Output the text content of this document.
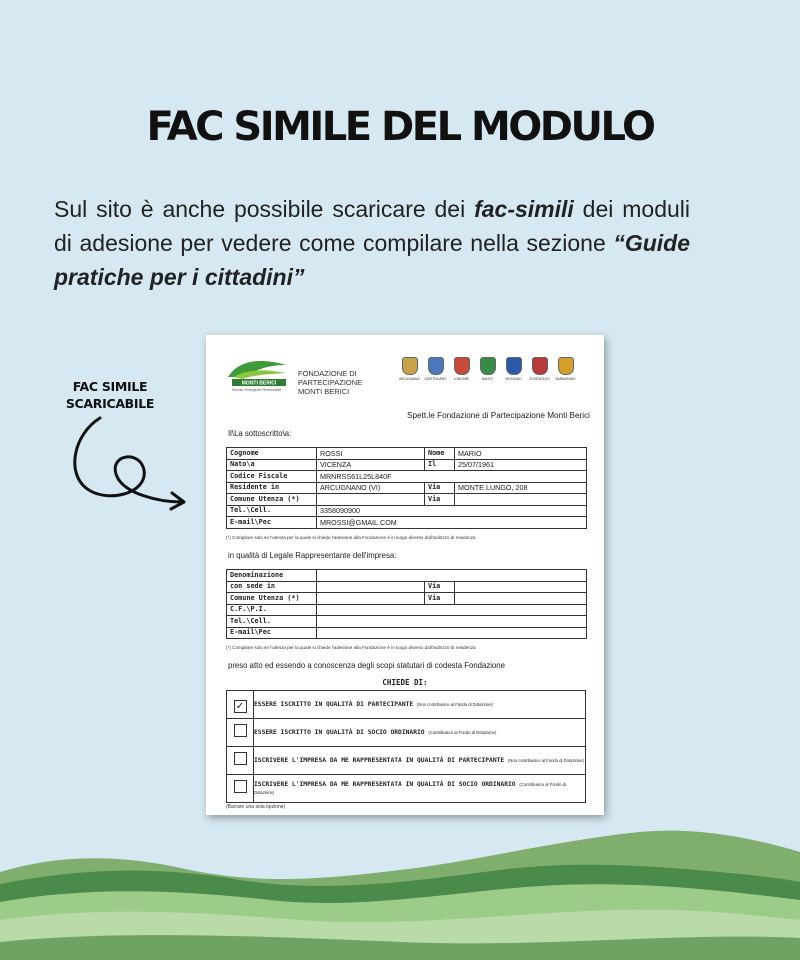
FAC SIMILE DEL MODULO

Sul sito è anche possibile scaricare dei fac-simili dei moduli di adesione per vedere come compilare nella sezione “Guide pratiche per i cittadini”

FAC SIMILE
SCARICABILE
MONTI BERICI
Servizi Energetici Rinnovabili
FONDAZIONE DI
PARTECIPAZIONE
MONTI BERICI
ARCUGNANO	CASTEGNERO	LONGARE	NANTO	MOSSANO	ZOVENCEDO	BARBARANO
Spett.le Fondazione di Partecipazione Monti Berici
Il\La sottoscritto\a:
Cognome	ROSSI	Nome	MARIO
Nato\a	VICENZA	Il	25/07/1961
Codice Fiscale	MRNRSS61L25L840F		
Residente in	ARCUGNANO (VI)	Via	MONTE LUNGO, 208
Comune Utenza (*)		Via	
Tel.\Cell.	3358090900		
E-mail\Pec	MROSSI@GMAIL.COM		
(*) Compilare solo se l'utenza per la quale si chiede l'adesione alla Fondazione è in luogo diverso dall'indirizzo di residenza
in qualità di Legale Rappresentante dell'impresa:
Denominazione			
con sede in		Via	
Comune Utenza (*)		Via	
C.F.\P.I.			
Tel.\Cell.			
E-mail\Pec			
(*) Compilare solo se l'utenza per la quale si chiede l'adesione alla Fondazione è in luogo diverso dall'indirizzo di residenza
preso atto ed essendo a conoscenza degli scopi statutari di codesta Fondazione
CHIEDE DI:
✓	ESSERE ISCRITTO IN QUALITÀ DI PARTECIPANTE (Non contribuisce al Fondo di Dotazione)
	ESSERE ISCRITTO IN QUALITÀ DI SOCIO ORDINARIO (Contribuisce al Fondo di Dotazione)
	ISCRIVERE L'IMPRESA DA ME RAPPRESENTATA IN QUALITÀ DI PARTECIPANTE (Non contribuisce al Fondo di Dotazione)
	ISCRIVERE L'IMPRESA DA ME RAPPRESENTATA IN QUALITÀ DI SOCIO ORDINARIO (Contribuisce al Fondo di Dotazione)
(Barrare una sola opzione)
